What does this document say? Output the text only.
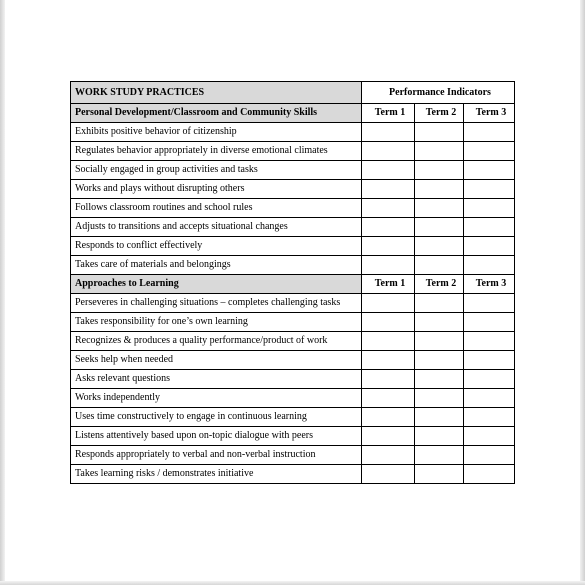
WORK STUDY PRACTICES	Performance Indicators		
Personal Development/Classroom and Community Skills	Term 1	Term 2	Term 3
Exhibits positive behavior of citizenship			
Regulates behavior appropriately in diverse emotional climates			
Socially engaged in group activities and tasks			
Works and plays without disrupting others			
Follows classroom routines and school rules			
Adjusts to transitions and accepts situational changes			
Responds to conflict effectively			
Takes care of materials and belongings			
Approaches to Learning	Term 1	Term 2	Term 3
Perseveres in challenging situations – completes challenging tasks			
Takes responsibility for one’s own learning			
Recognizes & produces a quality performance/product of work			
Seeks help when needed			
Asks relevant questions			
Works independently			
Uses time constructively to engage in continuous learning			
Listens attentively based upon on-topic dialogue with peers			
Responds appropriately to verbal and non-verbal instruction			
Takes learning risks / demonstrates initiative			
